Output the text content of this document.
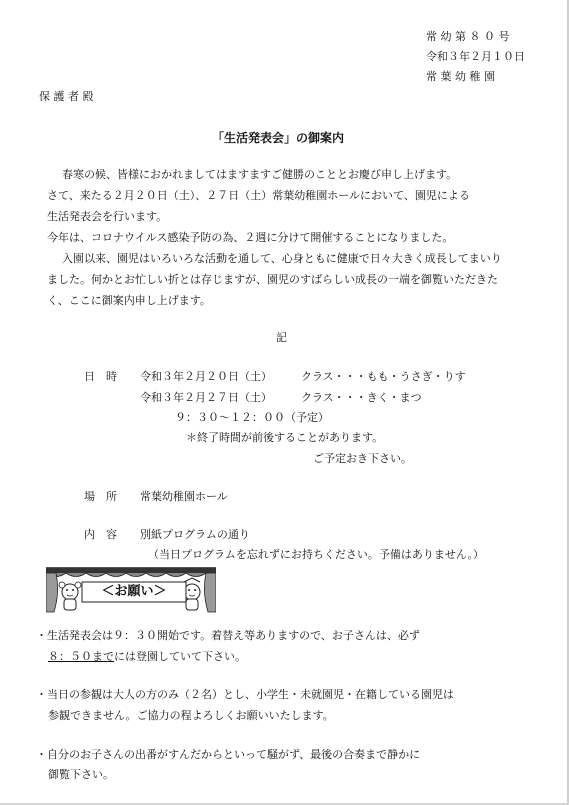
常 幼 第 ８ ０ 号
令和３年２月１０日
常 葉 幼 稚 園
保 護 者 殿
「生活発表会」の御案内
春寒の候、皆様におかれましてはますますご健勝のこととお慶び申し上げます。
さて、来たる２月２０日（土）、２７日（土）常葉幼稚園ホールにおいて、園児による
生活発表会を行います。
今年は、コロナウイルス感染予防の為、２週に分けて開催することになりました。
入園以来、園児はいろいろな活動を通して、心身ともに健康で日々大きく成長してまいり
ました。何かとお忙しい折とは存じますが、園児のすばらしい成長の一端を御覧いただきた
く、ここに御案内申し上げます。
記
日　時 令和３年２月２０日（土）	クラス・・・もも・うさぎ・りす
令和３年２月２７日（土）	クラス・・・きく・まつ
９：３０～１２：００（予定）
＊終了時間が前後することがあります。
ご予定おき下さい。
場　所 常葉幼稚園ホール
内　容 別紙プログラムの通り
（当日プログラムを忘れずにお持ちください。予備はありません。）
＜お願い＞
・生活発表会は９：３０開始です。着替え等ありますので、お子さんは、必ず
８：５０までには登園していて下さい。
・当日の参観は大人の方のみ（２名）とし、小学生・未就園児・在籍している園児は
参観できません。ご協力の程よろしくお願いいたします。
・自分のお子さんの出番がすんだからといって騒がず、最後の合奏まで静かに
御覧下さい。
